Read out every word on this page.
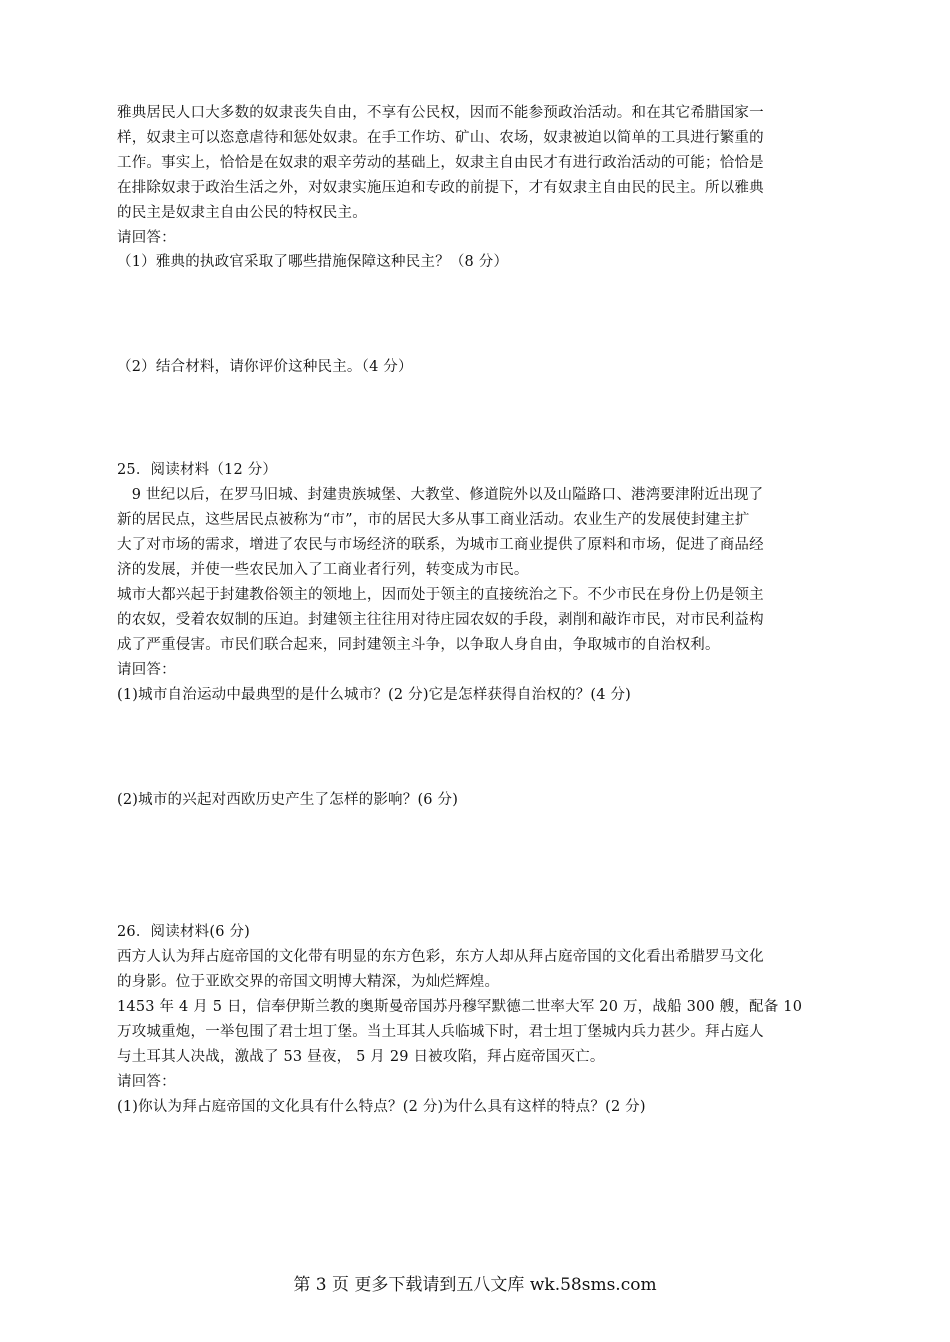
雅典居民人口大多数的奴隶丧失自由，不享有公民权，因而不能参预政治活动。和在其它希腊国家一
样，奴隶主可以恣意虐待和惩处奴隶。在手工作坊、矿山、农场，奴隶被迫以简单的工具进行繁重的
工作。事实上，恰恰是在奴隶的艰辛劳动的基础上，奴隶主自由民才有进行政治活动的可能；恰恰是
在排除奴隶于政治生活之外，对奴隶实施压迫和专政的前提下，才有奴隶主自由民的民主。所以雅典
的民主是奴隶主自由公民的特权民主。
请回答：
（1）雅典的执政官采取了哪些措施保障这种民主？（8 分）
（2）结合材料，请你评价这种民主。（4 分）
25．阅读材料（12 分）
　9 世纪以后，在罗马旧城、封建贵族城堡、大教堂、修道院外以及山隘路口、港湾要津附近出现了
新的居民点，这些居民点被称为“市”，市的居民大多从事工商业活动。农业生产的发展使封建主扩
大了对市场的需求，增进了农民与市场经济的联系，为城市工商业提供了原料和市场，促进了商品经
济的发展，并使一些农民加入了工商业者行列，转变成为市民。
城市大都兴起于封建教俗领主的领地上，因而处于领主的直接统治之下。不少市民在身份上仍是领主
的农奴，受着农奴制的压迫。封建领主往往用对待庄园农奴的手段，剥削和敲诈市民，对市民利益构
成了严重侵害。市民们联合起来，同封建领主斗争，以争取人身自由，争取城市的自治权利。
请回答：
(1)城市自治运动中最典型的是什么城市？(2 分)它是怎样获得自治权的？(4 分)
(2)城市的兴起对西欧历史产生了怎样的影响？(6 分)
26．阅读材料(6 分)
西方人认为拜占庭帝国的文化带有明显的东方色彩，东方人却从拜占庭帝国的文化看出希腊罗马文化
的身影。位于亚欧交界的帝国文明博大精深，为灿烂辉煌。
1453 年 4 月 5 日，信奉伊斯兰教的奥斯曼帝国苏丹穆罕默德二世率大军 20 万，战船 300 艘，配备 10
万攻城重炮，一举包围了君士坦丁堡。当土耳其人兵临城下时，君士坦丁堡城内兵力甚少。拜占庭人
与土耳其人决战，激战了 53 昼夜， 5 月 29 日被攻陷，拜占庭帝国灭亡。
请回答：
(1)你认为拜占庭帝国的文化具有什么特点？(2 分)为什么具有这样的特点？(2 分)
第 3 页 更多下载请到五八文库 wk.58sms.com
